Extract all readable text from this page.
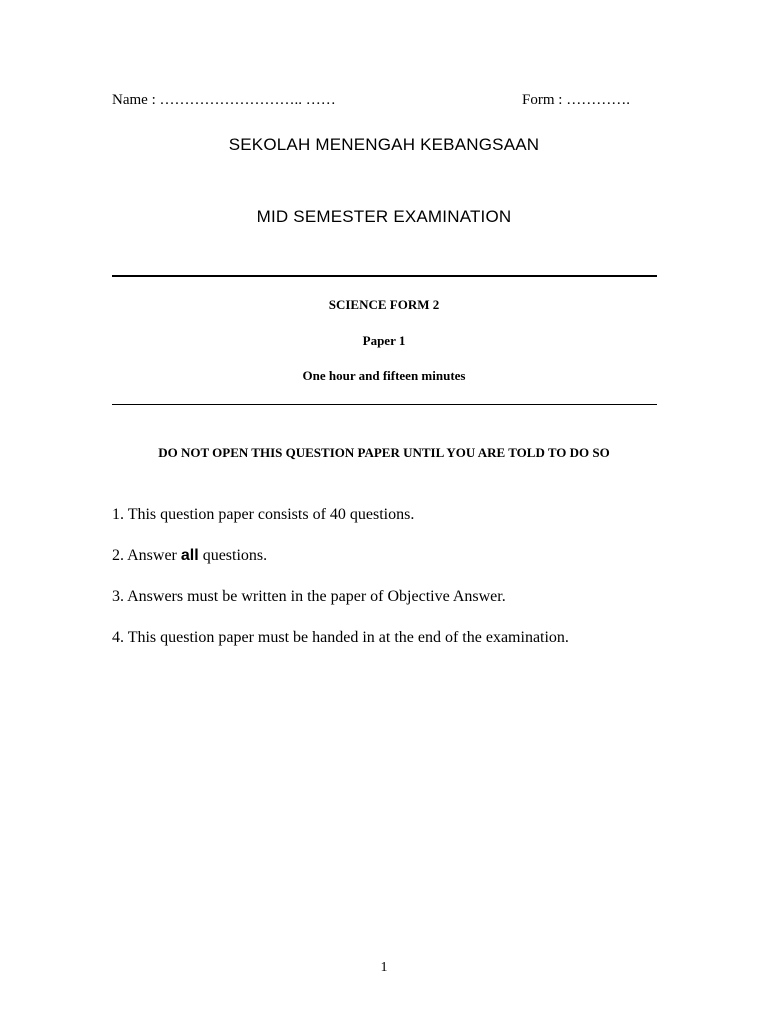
Name : ……………………….. ……	Form : ………….
SEKOLAH MENENGAH KEBANGSAAN
MID SEMESTER EXAMINATION
SCIENCE FORM 2
Paper 1
One hour and fifteen minutes
DO NOT OPEN THIS QUESTION PAPER UNTIL YOU ARE TOLD TO DO SO
1. This question paper consists of 40 questions.
2. Answer all questions.
3. Answers must be written in the paper of Objective Answer.
4. This question paper must be handed in at the end of the examination.
1
